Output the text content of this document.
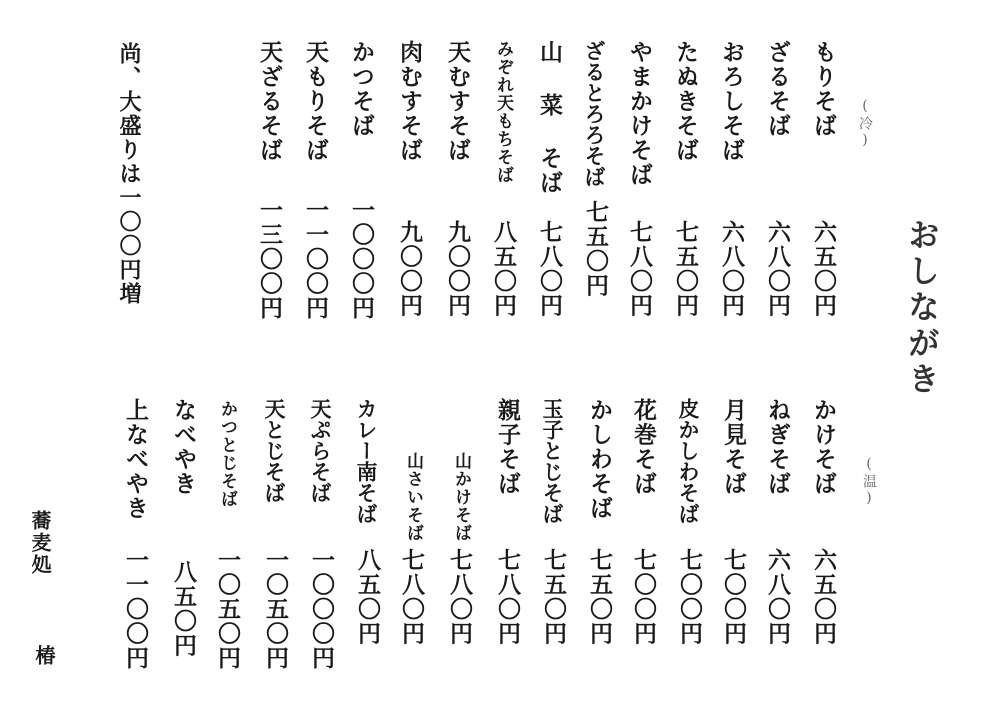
おしながき
(冷)
(温)
もりそば
六五〇円
ざるそば
六八〇円
おろしそば
六八〇円
たぬきそば
七五〇円
やまかけそば
七八〇円
ざるとろろそば
七五〇円
山 菜 そば
七八〇円
みぞれ天もちそば
八五〇円
天むすそば
九〇〇円
肉むすそば
九〇〇円
かつそば
一〇〇〇円
天もりそば
一一〇〇円
天ざるそば
一三〇〇円
尚、大盛りは一〇〇円増
かけそば
六五〇円
ねぎそば
六八〇円
月見そば
七〇〇円
皮かしわそば
七〇〇円
花巻そば
七〇〇円
かしわそば
七五〇円
玉子とじそば
七五〇円
親子そば
七八〇円
山かけそば
七八〇円
山さいそば
七八〇円
カレー南そば
八五〇円
天ぷらそば
一〇〇〇円
天とじそば
一〇五〇円
かつとじそば
一〇五〇円
なべやき
八五〇円
上なべやき
一一〇〇円
蕎麦処
椿
